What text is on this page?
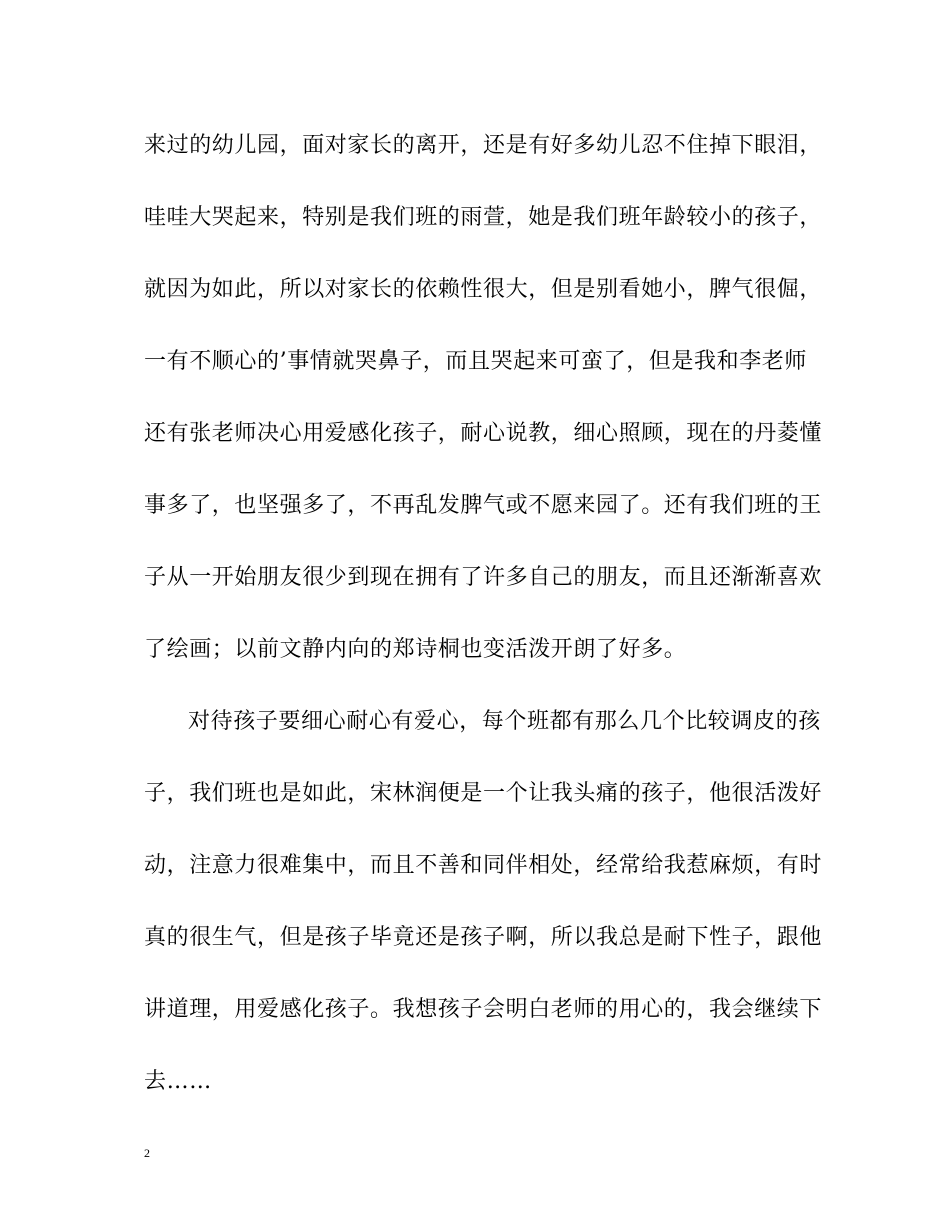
来过的幼儿园，面对家长的离开，还是有好多幼儿忍不住掉下眼泪，
哇哇大哭起来，特别是我们班的雨萱，她是我们班年龄较小的孩子，
就因为如此，所以对家长的依赖性很大，但是别看她小，脾气很倔，
一有不顺心的’事情就哭鼻子，而且哭起来可蛮了，但是我和李老师
还有张老师决心用爱感化孩子，耐心说教，细心照顾，现在的丹菱懂
事多了，也坚强多了，不再乱发脾气或不愿来园了。还有我们班的王
子从一开始朋友很少到现在拥有了许多自己的朋友，而且还渐渐喜欢
了绘画；以前文静内向的郑诗桐也变活泼开朗了好多。
对待孩子要细心耐心有爱心，每个班都有那么几个比较调皮的孩
子，我们班也是如此，宋林润便是一个让我头痛的孩子，他很活泼好
动，注意力很难集中，而且不善和同伴相处，经常给我惹麻烦，有时
真的很生气，但是孩子毕竟还是孩子啊，所以我总是耐下性子，跟他
讲道理，用爱感化孩子。我想孩子会明白老师的用心的，我会继续下
去……
2
